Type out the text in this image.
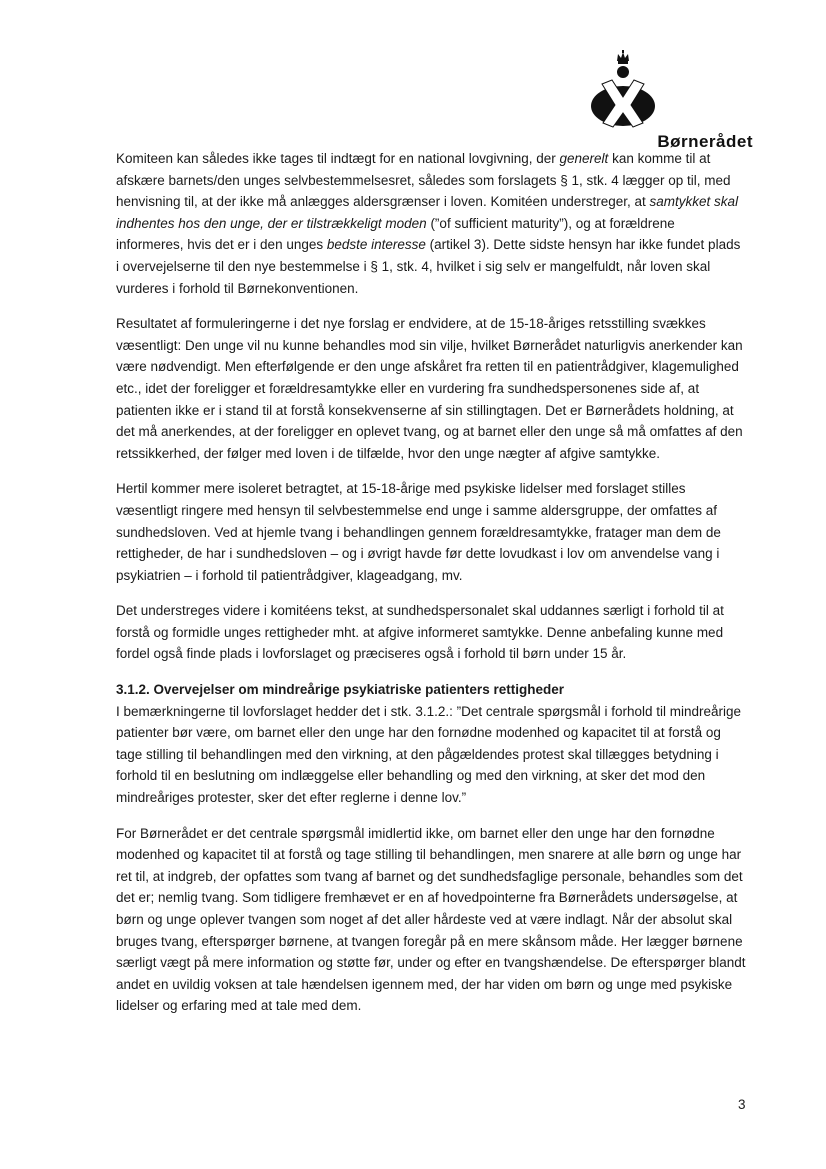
Børnerådet

Komiteen kan således ikke tages til indtægt for en national lovgivning, der generelt kan komme til at afskære barnets/den unges selvbestemmelsesret, således som forslagets § 1, stk. 4 lægger op til, med henvisning til, at der ikke må anlægges aldersgrænser i loven. Komitéen understreger, at samtykket skal indhentes hos den unge, der er tilstrækkeligt moden (”of sufficient maturity”), og at forældrene informeres, hvis det er i den unges bedste interesse (artikel 3). Dette sidste hensyn har ikke fundet plads i overvejelserne til den nye bestemmelse i § 1, stk. 4, hvilket i sig selv er mangelfuldt, når loven skal vurderes i forhold til Børnekonventionen.

Resultatet af formuleringerne i det nye forslag er endvidere, at de 15-18-åriges retsstilling svækkes væsentligt: Den unge vil nu kunne behandles mod sin vilje, hvilket Børnerådet naturligvis anerkender kan være nødvendigt. Men efterfølgende er den unge afskåret fra retten til en patientrådgiver, klagemulighed etc., idet der foreligger et forældresamtykke eller en vurdering fra sundhedspersonenes side af, at patienten ikke er i stand til at forstå konsekvenserne af sin stillingtagen. Det er Børnerådets holdning, at det må anerkendes, at der foreligger en oplevet tvang, og at barnet eller den unge så må omfattes af den retssikkerhed, der følger med loven i de tilfælde, hvor den unge nægter af afgive samtykke.

Hertil kommer mere isoleret betragtet, at 15-18-årige med psykiske lidelser med forslaget stilles væsentligt ringere med hensyn til selvbestemmelse end unge i samme aldersgruppe, der omfattes af sundhedsloven. Ved at hjemle tvang i behandlingen gennem forældresamtykke, fratager man dem de rettigheder, de har i sundhedsloven – og i øvrigt havde før dette lovudkast i lov om anvendelse vang i psykiatrien – i forhold til patientrådgiver, klageadgang, mv.

Det understreges videre i komitéens tekst, at sundhedspersonalet skal uddannes særligt i forhold til at forstå og formidle unges rettigheder mht. at afgive informeret samtykke. Denne anbefaling kunne med fordel også finde plads i lovforslaget og præciseres også i forhold til børn under 15 år.

3.1.2. Overvejelser om mindreårige psykiatriske patienters rettigheder

I bemærkningerne til lovforslaget hedder det i stk. 3.1.2.: ”Det centrale spørgsmål i forhold til mindreårige patienter bør være, om barnet eller den unge har den fornødne modenhed og kapacitet til at forstå og tage stilling til behandlingen med den virkning, at den pågældendes protest skal tillægges betydning i forhold til en beslutning om indlæggelse eller behandling og med den virkning, at sker det mod den mindreåriges protester, sker det efter reglerne i denne lov.”

For Børnerådet er det centrale spørgsmål imidlertid ikke, om barnet eller den unge har den fornødne modenhed og kapacitet til at forstå og tage stilling til behandlingen, men snarere at alle børn og unge har ret til, at indgreb, der opfattes som tvang af barnet og det sundhedsfaglige personale, behandles som det det er; nemlig tvang. Som tidligere fremhævet er en af hovedpointerne fra Børnerådets undersøgelse, at børn og unge oplever tvangen som noget af det aller hårdeste ved at være indlagt. Når der absolut skal bruges tvang, efterspørger børnene, at tvangen foregår på en mere skånsom måde. Her lægger børnene særligt vægt på mere information og støtte før, under og efter en tvangshændelse. De efterspørger blandt andet en uvildig voksen at tale hændelsen igennem med, der har viden om børn og unge med psykiske lidelser og erfaring med at tale med dem.

3
